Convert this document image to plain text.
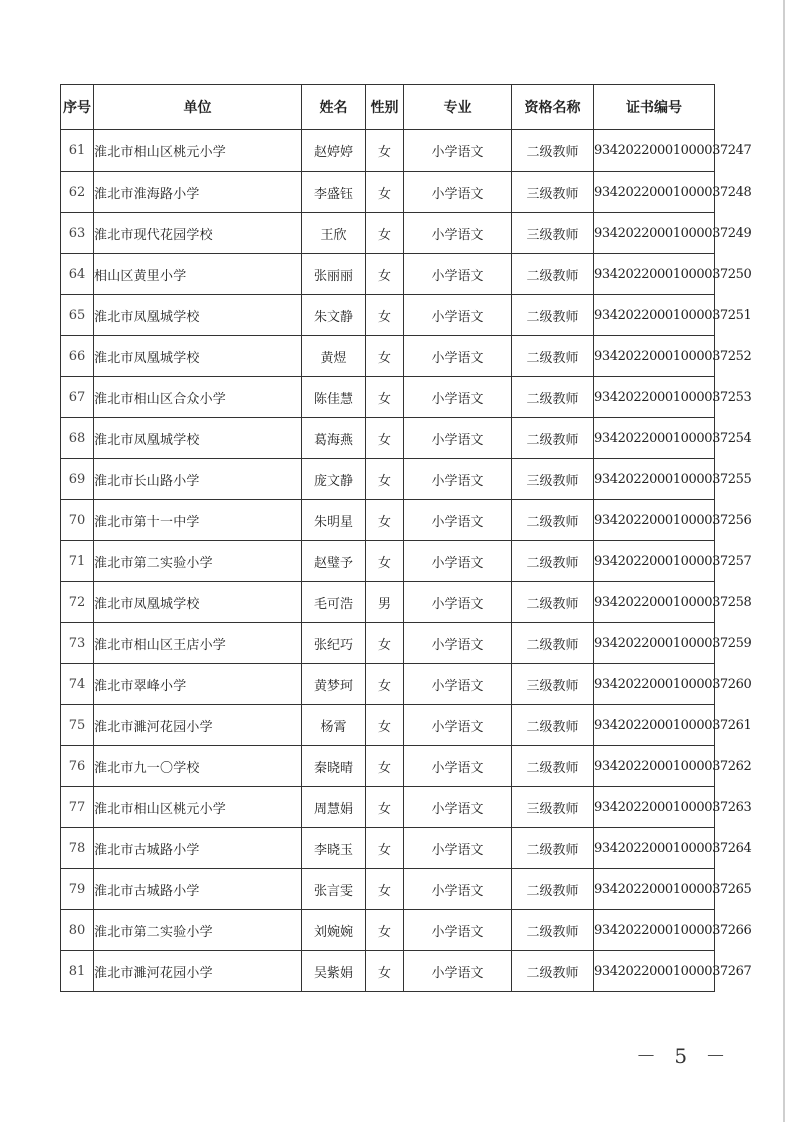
序号	单位	姓名	性别	专业	资格名称	证书编号
61	淮北市相山区桃元小学	赵婷婷	女	小学语文	二级教师	93420220001000037247
62	淮北市淮海路小学	李盛钰	女	小学语文	三级教师	93420220001000037248
63	淮北市现代花园学校	王欣	女	小学语文	三级教师	93420220001000037249
64	相山区黄里小学	张丽丽	女	小学语文	二级教师	93420220001000037250
65	淮北市凤凰城学校	朱文静	女	小学语文	二级教师	93420220001000037251
66	淮北市凤凰城学校	黄煜	女	小学语文	二级教师	93420220001000037252
67	淮北市相山区合众小学	陈佳慧	女	小学语文	二级教师	93420220001000037253
68	淮北市凤凰城学校	葛海燕	女	小学语文	二级教师	93420220001000037254
69	淮北市长山路小学	庞文静	女	小学语文	三级教师	93420220001000037255
70	淮北市第十一中学	朱明星	女	小学语文	二级教师	93420220001000037256
71	淮北市第二实验小学	赵璧予	女	小学语文	二级教师	93420220001000037257
72	淮北市凤凰城学校	毛可浩	男	小学语文	二级教师	93420220001000037258
73	淮北市相山区王店小学	张纪巧	女	小学语文	二级教师	93420220001000037259
74	淮北市翠峰小学	黄梦珂	女	小学语文	三级教师	93420220001000037260
75	淮北市濉河花园小学	杨霄	女	小学语文	二级教师	93420220001000037261
76	淮北市九一〇学校	秦晓晴	女	小学语文	二级教师	93420220001000037262
77	淮北市相山区桃元小学	周慧娟	女	小学语文	三级教师	93420220001000037263
78	淮北市古城路小学	李晓玉	女	小学语文	二级教师	93420220001000037264
79	淮北市古城路小学	张言雯	女	小学语文	二级教师	93420220001000037265
80	淮北市第二实验小学	刘婉婉	女	小学语文	二级教师	93420220001000037266
81	淮北市濉河花园小学	吴紫娟	女	小学语文	二级教师	93420220001000037267
－ 5 －
